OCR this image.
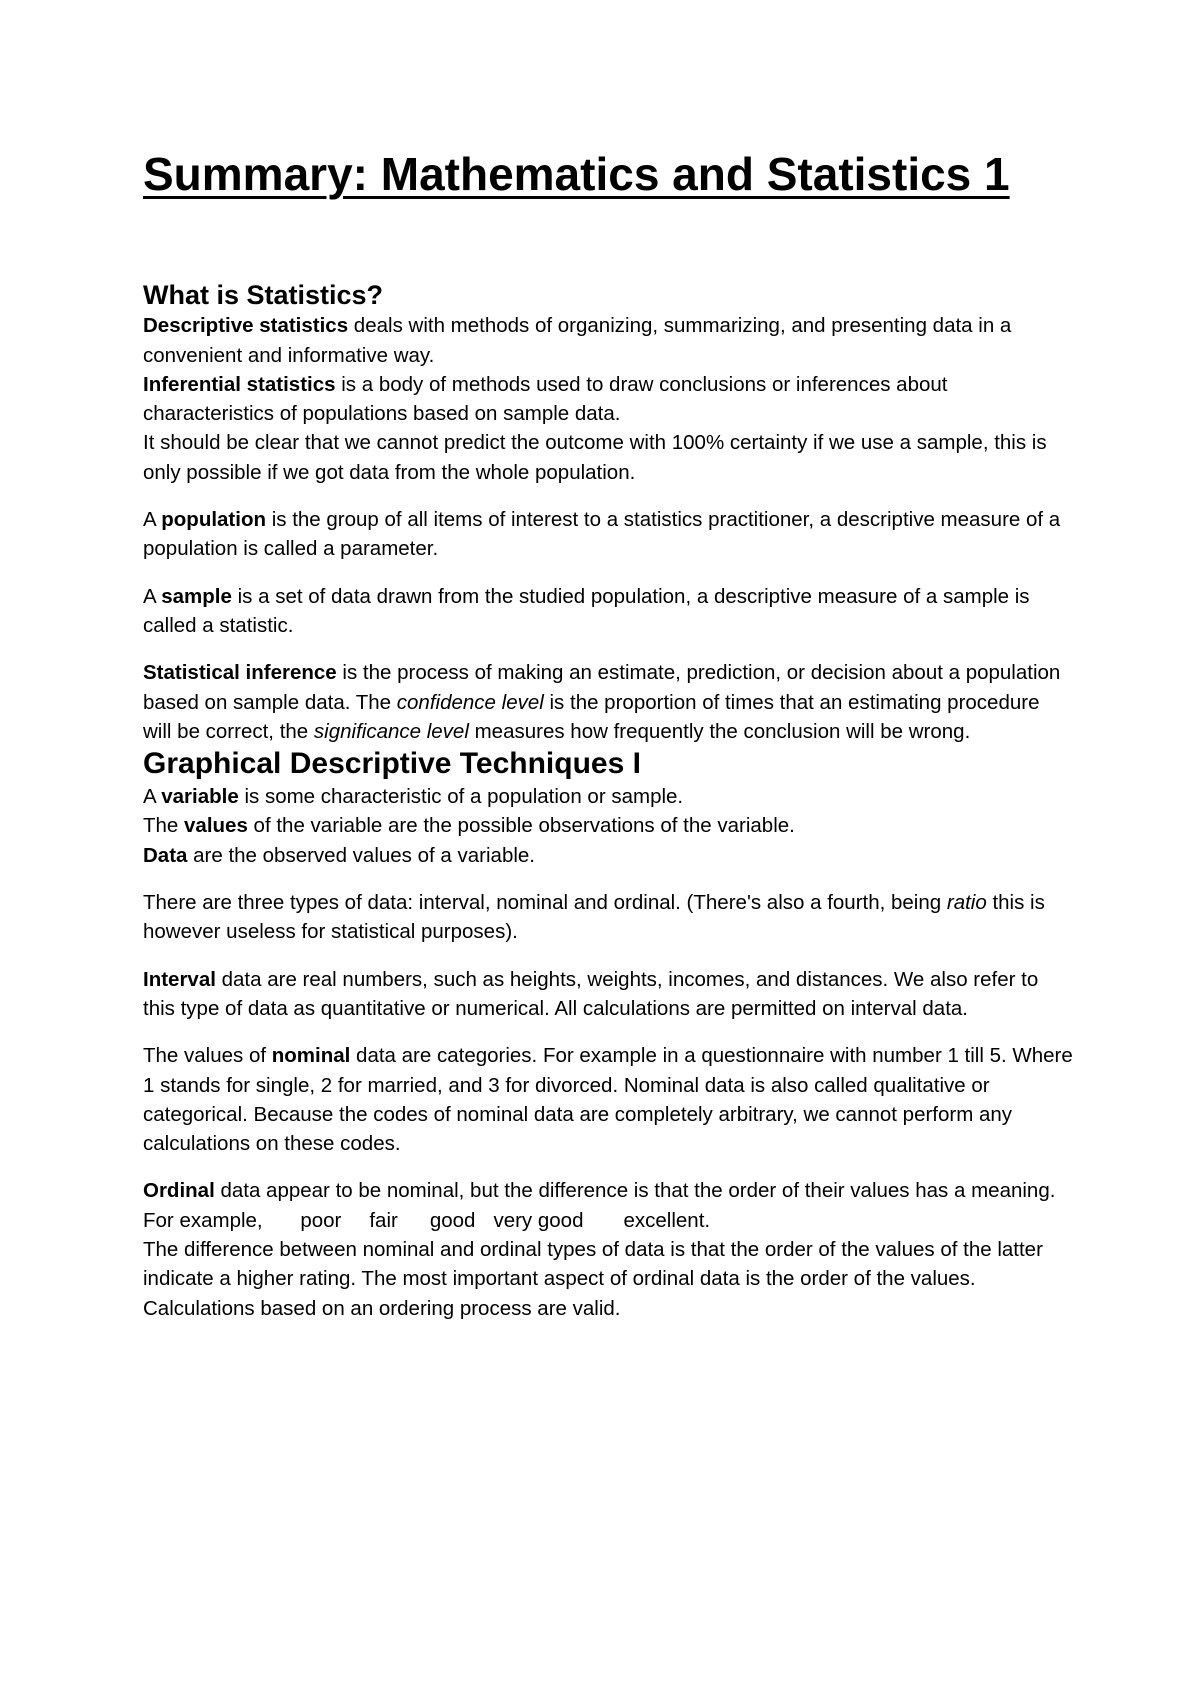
Summary: Mathematics and Statistics 1
What is Statistics?

Descriptive statistics deals with methods of organizing, summarizing, and presenting data in a convenient and informative way.
Inferential statistics is a body of methods used to draw conclusions or inferences about characteristics of populations based on sample data.
It should be clear that we cannot predict the outcome with 100% certainty if we use a sample, this is only possible if we got data from the whole population.

A population is the group of all items of interest to a statistics practitioner, a descriptive measure of a population is called a parameter.

A sample is a set of data drawn from the studied population, a descriptive measure of a sample is called a statistic.

Statistical inference is the process of making an estimate, prediction, or decision about a population based on sample data. The confidence level is the proportion of times that an estimating procedure will be correct, the significance level measures how frequently the conclusion will be wrong.

Graphical Descriptive Techniques I

A variable is some characteristic of a population or sample.
The values of the variable are the possible observations of the variable.
Data are the observed values of a variable.

There are three types of data: interval, nominal and ordinal. (There's also a fourth, being ratio this is however useless for statistical purposes).

Interval data are real numbers, such as heights, weights, incomes, and distances. We also refer to this type of data as quantitative or numerical. All calculations are permitted on interval data.

The values of nominal data are categories. For example in a questionnaire with number 1 till 5. Where 1 stands for single, 2 for married, and 3 for divorced. Nominal data is also called qualitative or categorical. Because the codes of nominal data are completely arbitrary, we cannot perform any calculations on these codes.

Ordinal data appear to be nominal, but the difference is that the order of their values has a meaning. For example, poor fair good very good excellent.
The difference between nominal and ordinal types of data is that the order of the values of the latter indicate a higher rating. The most important aspect of ordinal data is the order of the values. Calculations based on an ordering process are valid.
